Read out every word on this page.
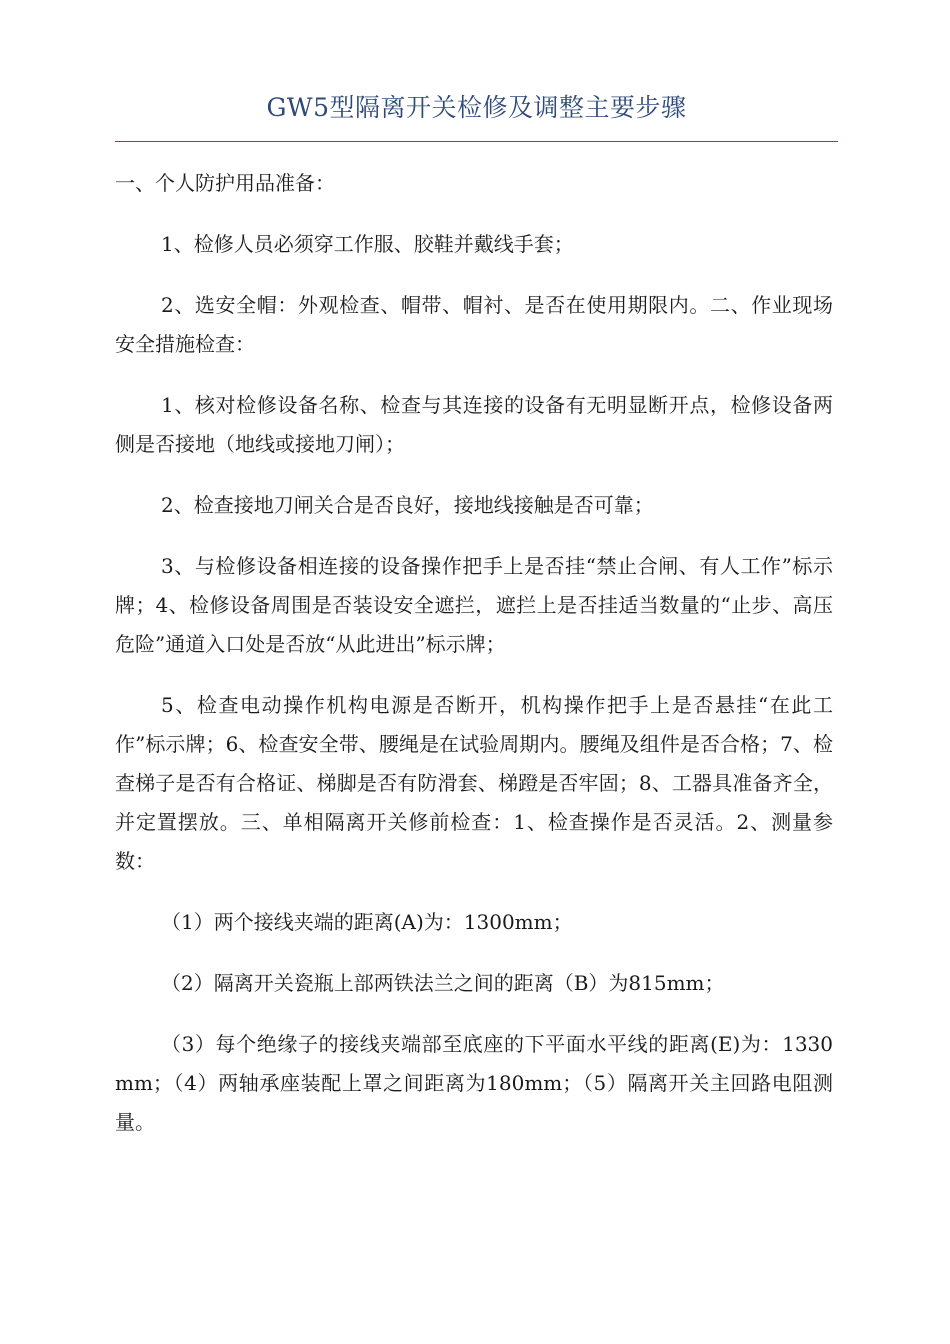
GW5型隔离开关检修及调整主要步骤

一、个人防护用品准备：

1、检修人员必须穿工作服、胶鞋并戴线手套；

2、选安全帽：外观检查、帽带、帽衬、是否在使用期限内。二、作业现场安全措施检查：

1、核对检修设备名称、检查与其连接的设备有无明显断开点，检修设备两侧是否接地（地线或接地刀闸）；

2、检查接地刀闸关合是否良好，接地线接触是否可靠；

3、与检修设备相连接的设备操作把手上是否挂“禁止合闸、有人工作”标示牌；4、检修设备周围是否装设安全遮拦，遮拦上是否挂适当数量的“止步、高压危险”通道入口处是否放“从此进出”标示牌；

5、检查电动操作机构电源是否断开，机构操作把手上是否悬挂“在此工作”标示牌；6、检查安全带、腰绳是在试验周期内。腰绳及组件是否合格；7、检查梯子是否有合格证、梯脚是否有防滑套、梯蹬是否牢固；8、工器具准备齐全，并定置摆放。三、单相隔离开关修前检查：1、检查操作是否灵活。2、测量参数：

（1）两个接线夹端的距离(A)为：1300mm；

（2）隔离开关瓷瓶上部两铁法兰之间的距离（B）为815mm；

（3）每个绝缘子的接线夹端部至底座的下平面水平线的距离(E)为：1330mm；（4）两轴承座装配上罩之间距离为180mm；（5）隔离开关主回路电阻测量。
